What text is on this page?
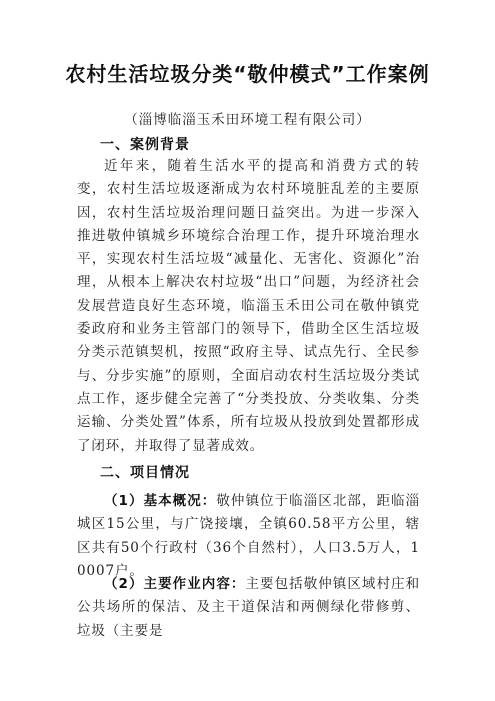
农村生活垃圾分类“敬仲模式”工作案例
（淄博临淄玉禾田环境工程有限公司）
一、案例背景
近年来，随着生活水平的提高和消费方式的转变，农村生活垃圾逐渐成为农村环境脏乱差的主要原因，农村生活垃圾治理问题日益突出。为进一步深入推进敬仲镇城乡环境综合治理工作，提升环境治理水平，实现农村生活垃圾“减量化、无害化、资源化”治理，从根本上解决农村垃圾“出口”问题，为经济社会发展营造良好生态环境，临淄玉禾田公司在敬仲镇党委政府和业务主管部门的领导下，借助全区生活垃圾分类示范镇契机，按照“政府主导、试点先行、全民参与、分步实施”的原则，全面启动农村生活垃圾分类试点工作，逐步健全完善了“分类投放、分类收集、分类运输、分类处置”体系，所有垃圾从投放到处置都形成了闭环，并取得了显著成效。
二、项目情况
（1）基本概况：敬仲镇位于临淄区北部，距临淄城区15公里，与广饶接壤，全镇60.58平方公里，辖区共有50个行政村（36个自然村），人口3.5万人，10007户。
（2）主要作业内容：主要包括敬仲镇区域村庄和公共场所的保洁、及主干道保洁和两侧绿化带修剪、垃圾（主要是
